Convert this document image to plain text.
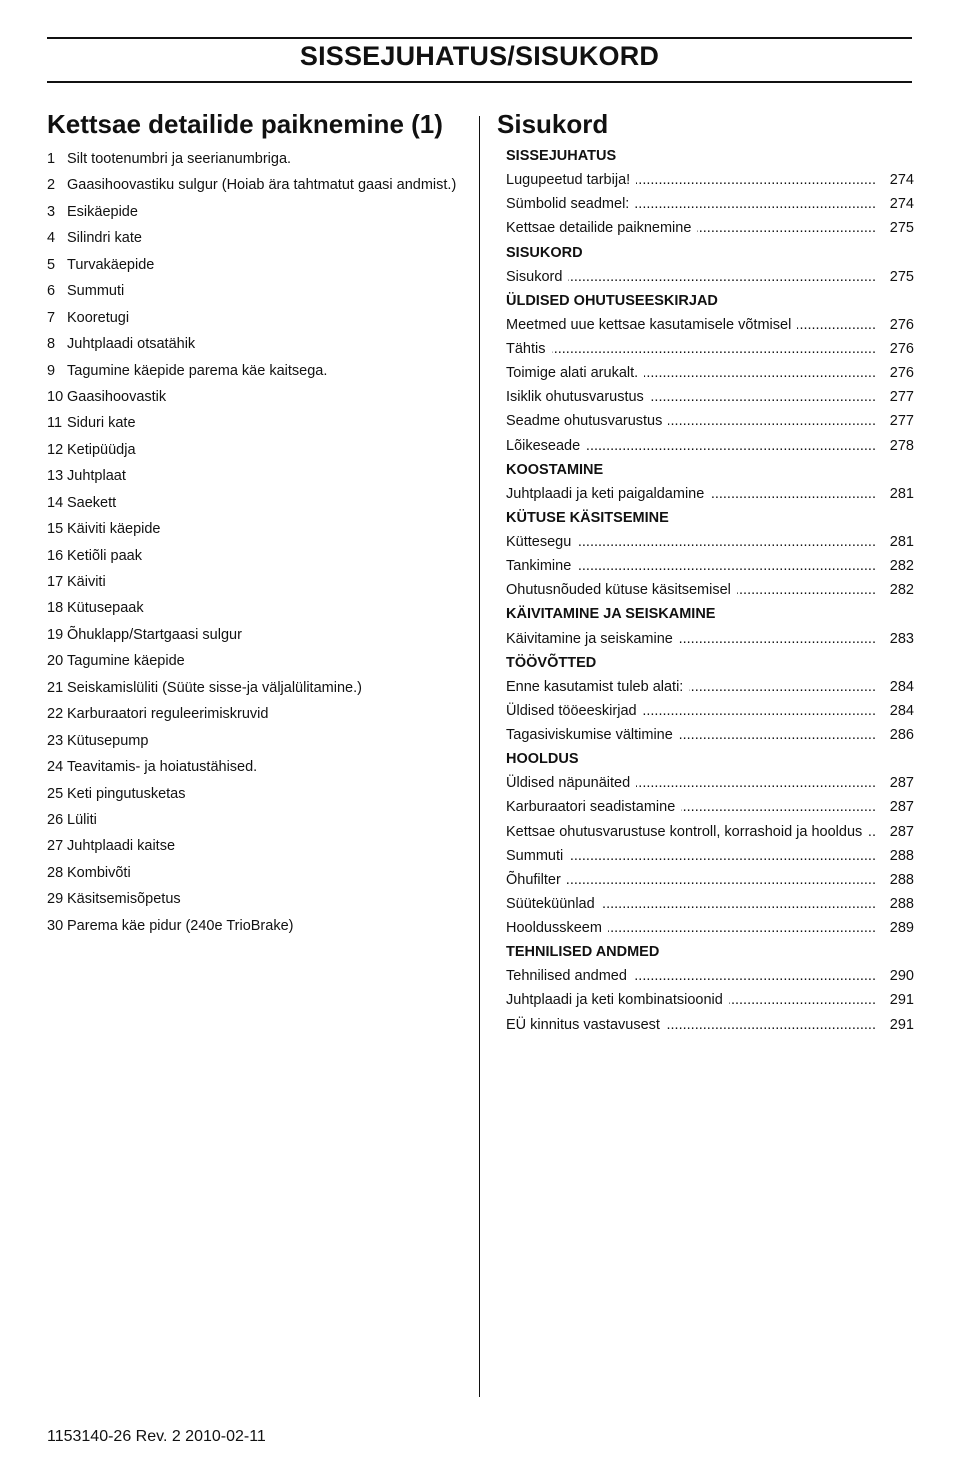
SISSEJUHATUS/SISUKORD
Kettsae detailide paiknemine (1)
1 Silt tootenumbri ja seerianumbriga.
2 Gaasihoovastiku sulgur (Hoiab ära tahtmatut gaasi andmist.)
3 Esikäepide
4 Silindri kate
5 Turvakäepide
6 Summuti
7 Kooretugi
8 Juhtplaadi otsatähik
9 Tagumine käepide parema käe kaitsega.
10 Gaasihoovastik
11 Siduri kate
12 Ketipüüdja
13 Juhtplaat
14 Saekett
15 Käiviti käepide
16 Ketiõli paak
17 Käiviti
18 Kütusepaak
19 Õhuklapp/Startgaasi sulgur
20 Tagumine käepide
21 Seiskamislüliti (Süüte sisse-ja väljalülitamine.)
22 Karburaatori reguleerimiskruvid
23 Kütusepump
24 Teavitamis- ja hoiatustähised.
25 Keti pingutusketas
26 Lüliti
27 Juhtplaadi kaitse
28 Kombivõti
29 Käsitsemisõpetus
30 Parema käe pidur (240e TrioBrake)
Sisukord
SISSEJUHATUS
Lugupeetud tarbija! .....	274
Sümbolid seadmel: .....	274
Kettsae detailide paiknemine .....	275
SISUKORD
Sisukord .....	275
ÜLDISED OHUTUSEESKIRJAD
Meetmed uue kettsae kasutamisele võtmisel .....	276
Tähtis .....	276
Toimige alati arukalt. .....	276
Isiklik ohutusvarustus .....	277
Seadme ohutusvarustus .....	277
Lõikeseade .....	278
KOOSTAMINE
Juhtplaadi ja keti paigaldamine .....	281
KÜTUSE KÄSITSEMINE
Küttesegu .....	281
Tankimine .....	282
Ohutusnõuded kütuse käsitsemisel .....	282
KÄIVITAMINE JA SEISKAMINE
Käivitamine ja seiskamine .....	283
TÖÖVÕTTED
Enne kasutamist tuleb alati: .....	284
Üldised tööeeskirjad .....	284
Tagasiviskumise vältimine .....	286
HOOLDUS
Üldised näpunäited .....	287
Karburaatori seadistamine .....	287
Kettsae ohutusvarustuse kontroll, korrashoid ja hooldus ..... 287
Summuti .....	288
Õhufilter .....	288
Süüteküünlad .....	288
Hooldusskeem .....	289
TEHNILISED ANDMED
Tehnilised andmed .....	290
Juhtplaadi ja keti kombinatsioonid .....	291
EÜ kinnitus vastavusest .....	291
1153140-26 Rev. 2 2010-02-11
